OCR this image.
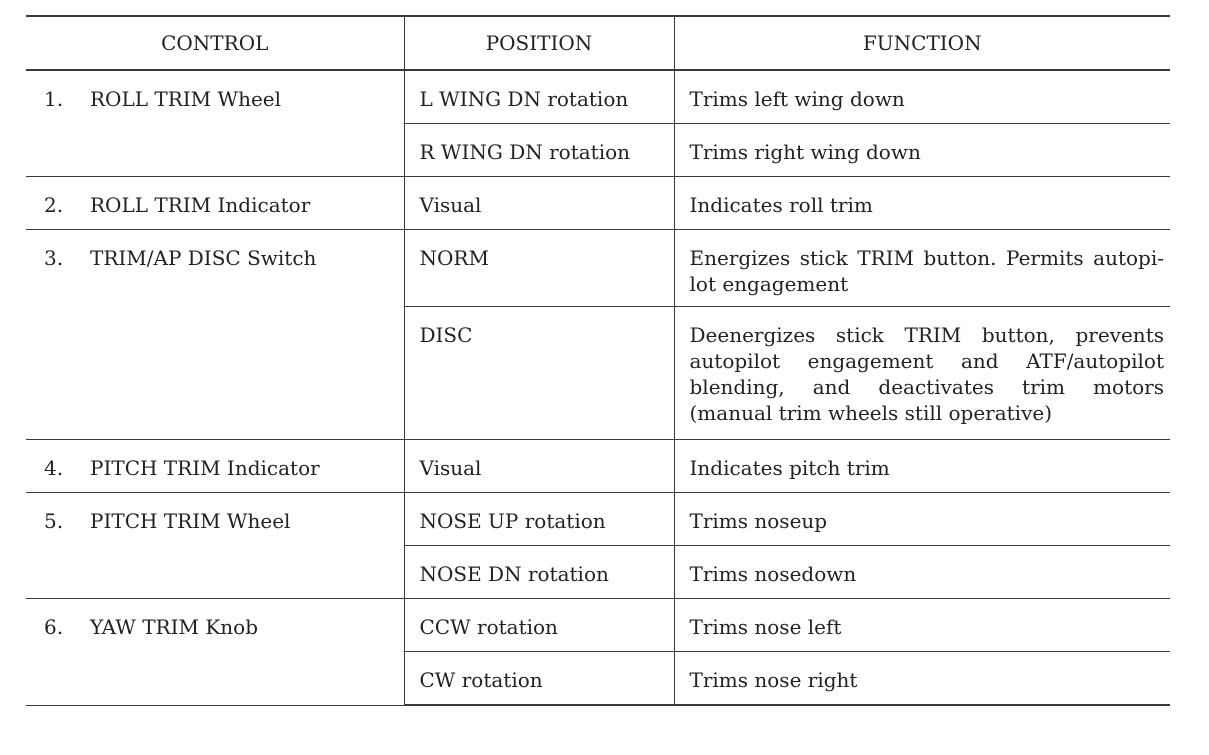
CONTROL	POSITION	FUNCTION

1. ROLL TRIM Wheel	L WING DN rotation	Trims left wing down

	R WING DN rotation	Trims right wing down

2. ROLL TRIM Indicator	Visual	Indicates roll trim

3. TRIM/AP DISC Switch	NORM	Energizes stick TRIM button. Permits autopi- lot engagement

	DISC	Deenergizes stick TRIM button, prevents autopilot engagement and ATF/autopilot blending, and deactivates trim motors (manual trim wheels still operative)

4. PITCH TRIM Indicator	Visual	Indicates pitch trim

5. PITCH TRIM Wheel	NOSE UP rotation	Trims noseup

	NOSE DN rotation	Trims nosedown

6. YAW TRIM Knob	CCW rotation	Trims nose left

	CW rotation	Trims nose right
